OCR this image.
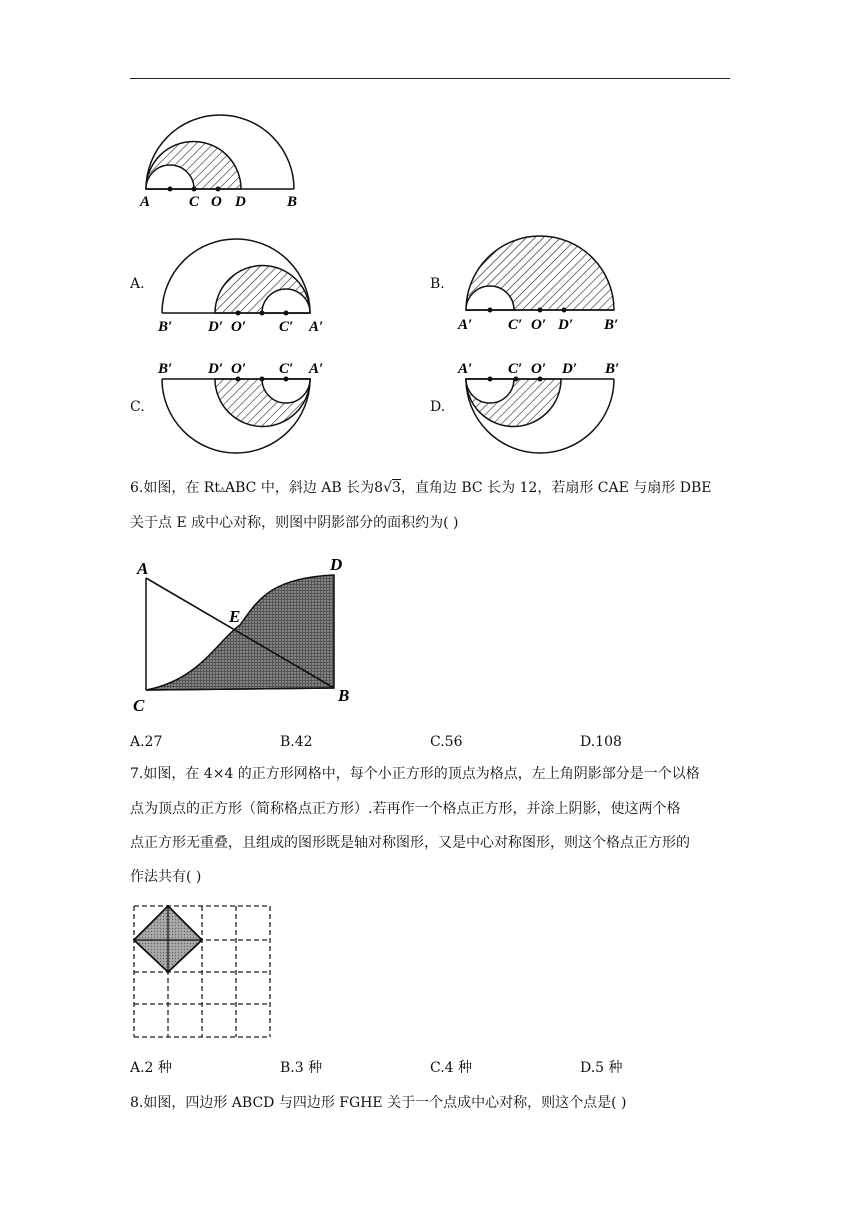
A	C O D	B
B′ D′ O′ C′ A′	A′ C′ O′ D′ B′
B′ D′ O′ C′ A′	A′ C′ O′ D′ B′
A
C
E
D
B
A.	B.
C.	D.
6.如图，在 Rt▵ABC 中，斜边 AB 长为8√3，直角边 BC 长为 12，若扇形 CAE 与扇形 DBE
关于点 E 成中心对称，则图中阴影部分的面积约为( )
A.27	B.42	C.56	D.108
7.如图，在 4×4 的正方形网格中，每个小正方形的顶点为格点，左上角阴影部分是一个以格
点为顶点的正方形（简称格点正方形）.若再作一个格点正方形，并涂上阴影，使这两个格
点正方形无重叠，且组成的图形既是轴对称图形，又是中心对称图形，则这个格点正方形的
作法共有( )
A.2 种	B.3 种	C.4 种	D.5 种
8.如图，四边形 ABCD 与四边形 FGHE 关于一个点成中心对称，则这个点是( )
